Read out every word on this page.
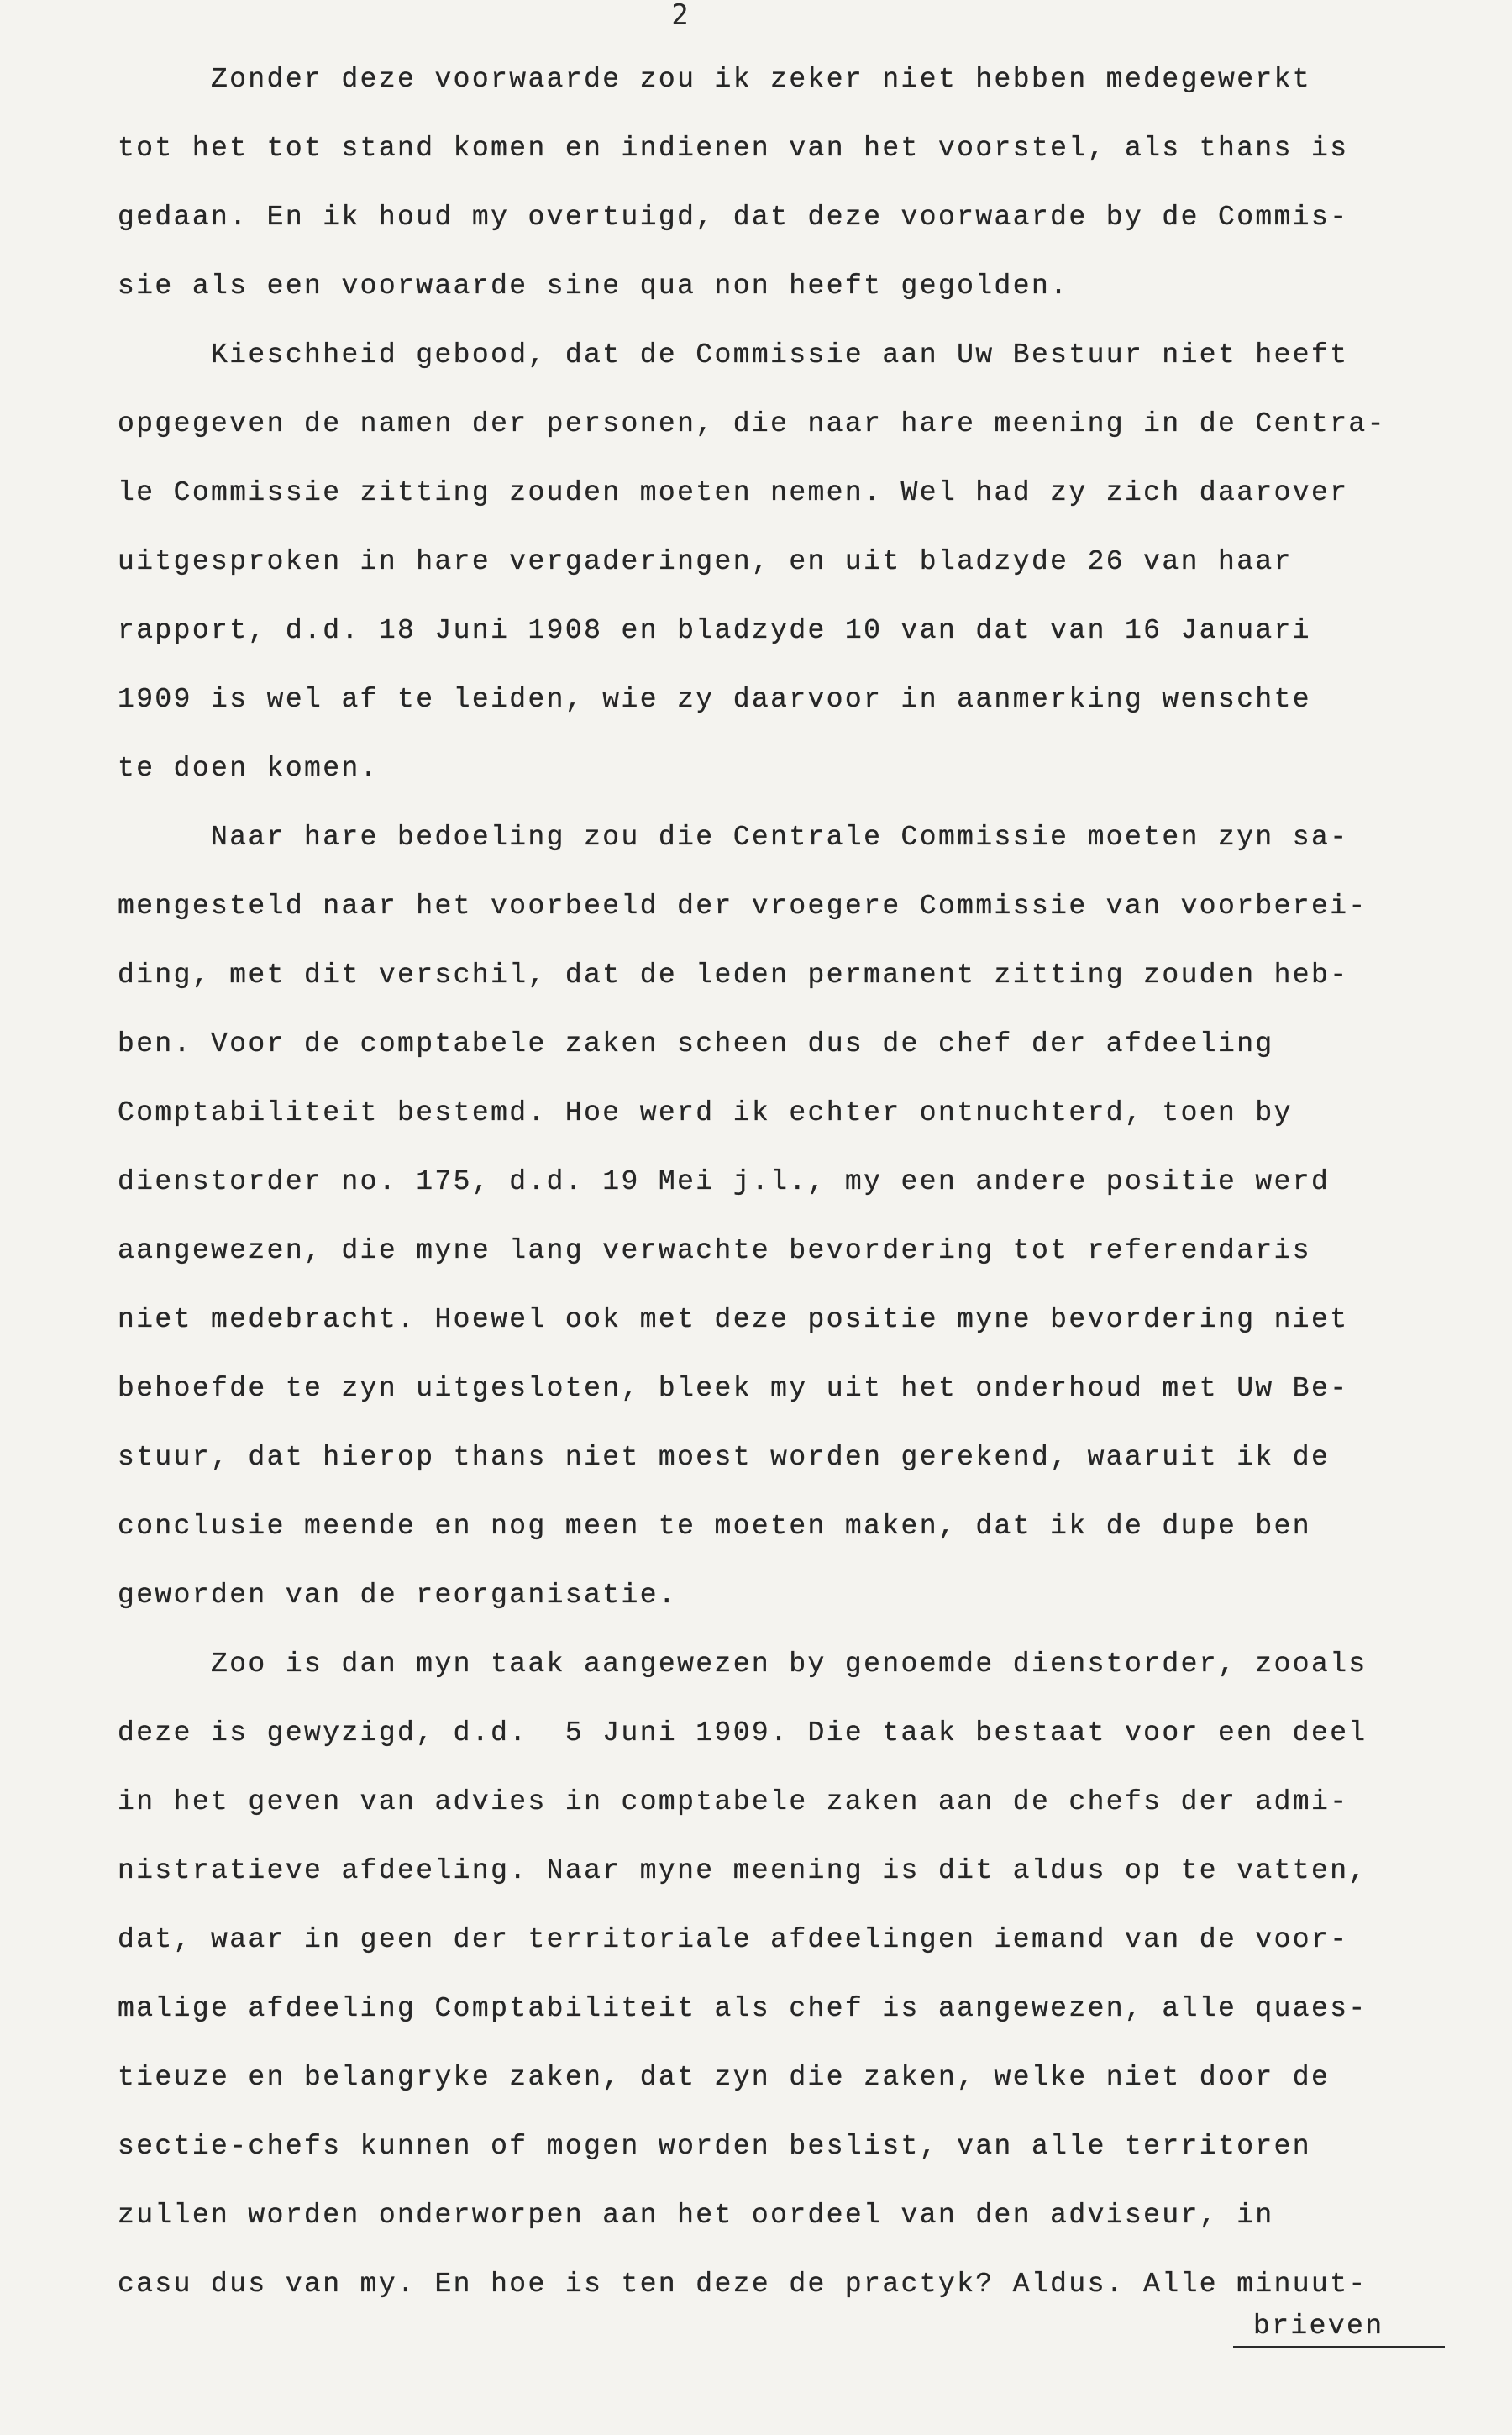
2
Zonder deze voorwaarde zou ik zeker niet hebben medegewerkt
tot het tot stand komen en indienen van het voorstel, als thans is
gedaan. En ik houd my overtuigd, dat deze voorwaarde by de Commis-
sie als een voorwaarde sine qua non heeft gegolden.
Kieschheid gebood, dat de Commissie aan Uw Bestuur niet heeft
opgegeven de namen der personen, die naar hare meening in de Centra-
le Commissie zitting zouden moeten nemen. Wel had zy zich daarover
uitgesproken in hare vergaderingen, en uit bladzyde 26 van haar
rapport, d.d. 18 Juni 1908 en bladzyde 10 van dat van 16 Januari
1909 is wel af te leiden, wie zy daarvoor in aanmerking wenschte
te doen komen.
Naar hare bedoeling zou die Centrale Commissie moeten zyn sa-
mengesteld naar het voorbeeld der vroegere Commissie van voorberei-
ding, met dit verschil, dat de leden permanent zitting zouden heb-
ben. Voor de comptabele zaken scheen dus de chef der afdeeling
Comptabiliteit bestemd. Hoe werd ik echter ontnuchterd, toen by
dienstorder no. 175, d.d. 19 Mei j.l., my een andere positie werd
aangewezen, die myne lang verwachte bevordering tot referendaris
niet medebracht. Hoewel ook met deze positie myne bevordering niet
behoefde te zyn uitgesloten, bleek my uit het onderhoud met Uw Be-
stuur, dat hierop thans niet moest worden gerekend, waaruit ik de
conclusie meende en nog meen te moeten maken, dat ik de dupe ben
geworden van de reorganisatie.
Zoo is dan myn taak aangewezen by genoemde dienstorder, zooals
deze is gewyzigd, d.d.  5 Juni 1909. Die taak bestaat voor een deel
in het geven van advies in comptabele zaken aan de chefs der admi-
nistratieve afdeeling. Naar myne meening is dit aldus op te vatten,
dat, waar in geen der territoriale afdeelingen iemand van de voor-
malige afdeeling Comptabiliteit als chef is aangewezen, alle quaes-
tieuze en belangryke zaken, dat zyn die zaken, welke niet door de
sectie-chefs kunnen of mogen worden beslist, van alle territoren
zullen worden onderworpen aan het oordeel van den adviseur, in
casu dus van my. En hoe is ten deze de practyk? Aldus. Alle minuut-
brieven
